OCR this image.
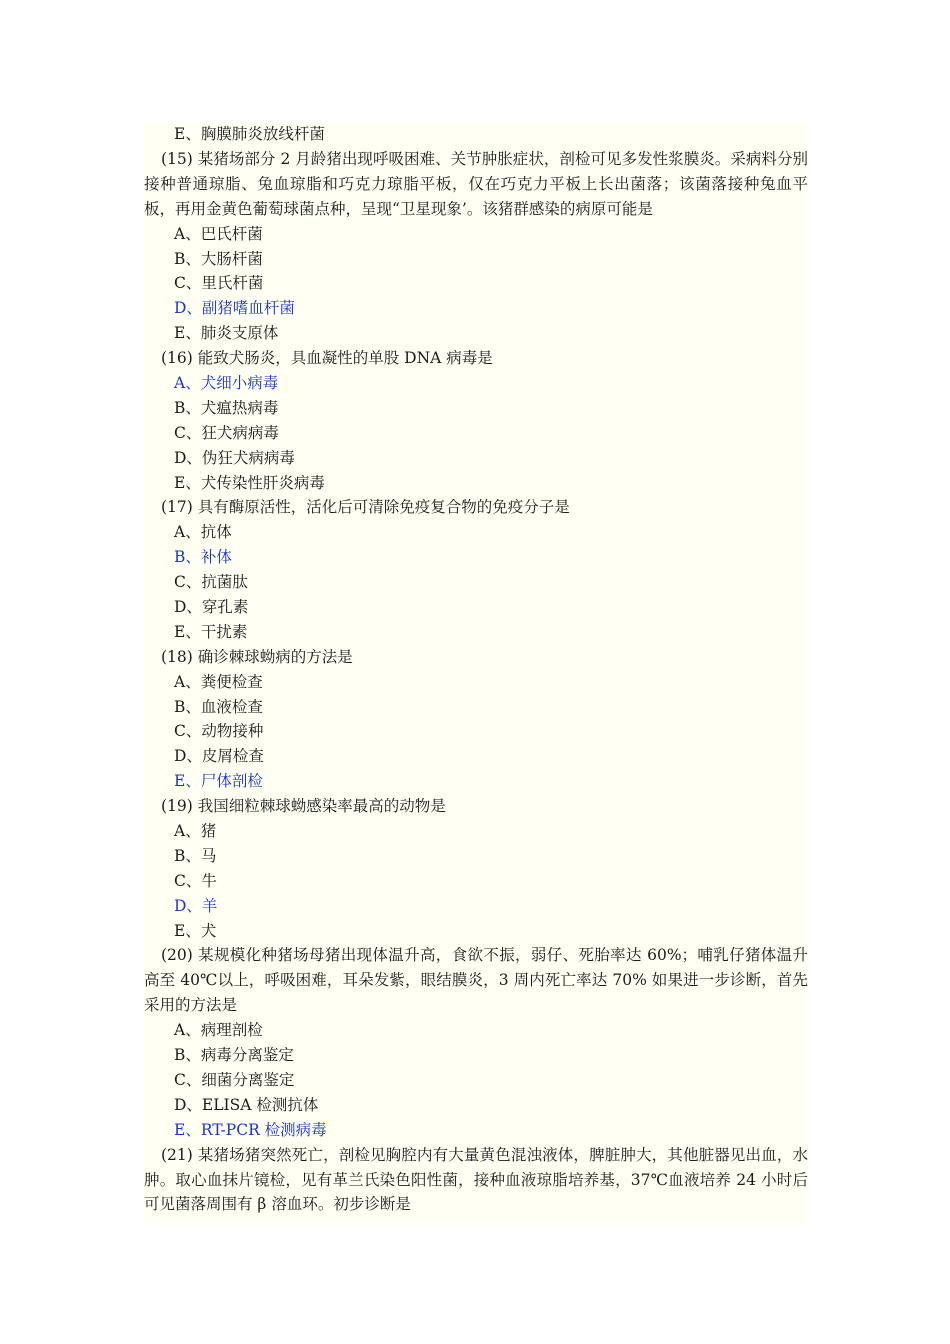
E、胸膜肺炎放线杆菌
(15) 某猪场部分 2 月龄猪出现呼吸困难、关节肿胀症状，剖检可见多发性浆膜炎。采病料分别接种普通琼脂、兔血琼脂和巧克力琼脂平板，仅在巧克力平板上长出菌落；该菌落接种兔血平板，再用金黄色葡萄球菌点种，呈现“卫星现象’。该猪群感染的病原可能是
A、巴氏杆菌
B、大肠杆菌
C、里氏杆菌
D、副猪嗜血杆菌
E、肺炎支原体
(16) 能致犬肠炎，具血凝性的单股 DNA 病毒是
A、犬细小病毒
B、犬瘟热病毒
C、狂犬病病毒
D、伪狂犬病病毒
E、犬传染性肝炎病毒
(17) 具有酶原活性，活化后可清除免疫复合物的免疫分子是
A、抗体
B、补体
C、抗菌肽
D、穿孔素
E、干扰素
(18) 确诊棘球蚴病的方法是
A、粪便检查
B、血液检查
C、动物接种
D、皮屑检查
E、尸体剖检
(19) 我国细粒棘球蚴感染率最高的动物是
A、猪
B、马
C、牛
D、羊
E、犬
(20) 某规模化种猪场母猪出现体温升高，食欲不振，弱仔、死胎率达 60%；哺乳仔猪体温升高至 40℃以上，呼吸困难，耳朵发紫，眼结膜炎，3 周内死亡率达 70% 如果进一步诊断，首先采用的方法是
A、病理剖检
B、病毒分离鉴定
C、细菌分离鉴定
D、ELISA 检测抗体
E、RT-PCR 检测病毒
(21) 某猪场猪突然死亡，剖检见胸腔内有大量黄色混浊液体，脾脏肿大，其他脏器见出血，水肿。取心血抹片镜检，见有革兰氏染色阳性菌，接种血液琼脂培养基，37℃血液培养 24 小时后可见菌落周围有 β 溶血环。初步诊断是
